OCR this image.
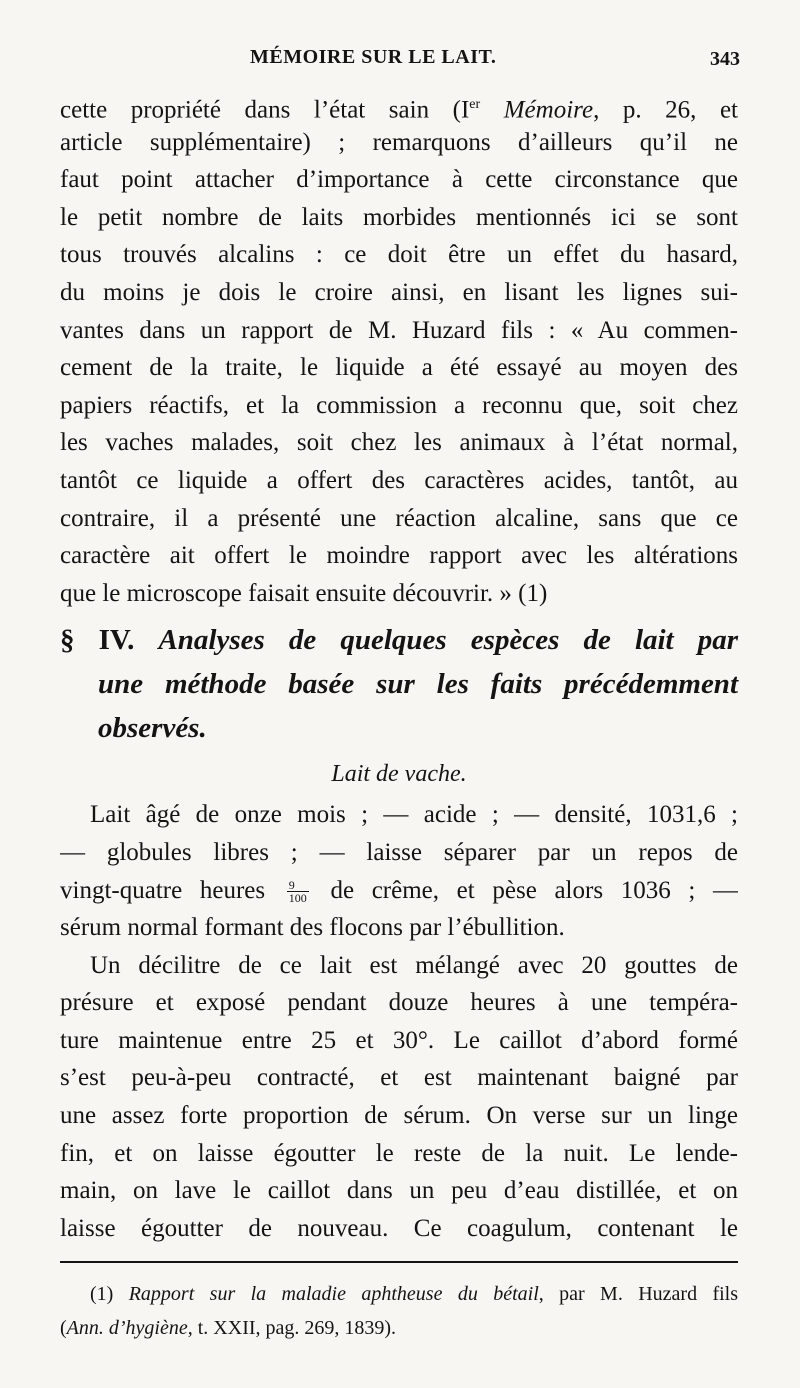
MÉMOIRE SUR LE LAIT.	343

cette propriété dans l’état sain (Ier Mémoire, p. 26, et
article supplémentaire) ; remarquons d’ailleurs qu’il ne
faut point attacher d’importance à cette circonstance que
le petit nombre de laits morbides mentionnés ici se sont
tous trouvés alcalins : ce doit être un effet du hasard,
du moins je dois le croire ainsi, en lisant les lignes sui-
vantes dans un rapport de M. Huzard fils : « Au commen-
cement de la traite, le liquide a été essayé au moyen des
papiers réactifs, et la commission a reconnu que, soit chez
les vaches malades, soit chez les animaux à l’état normal,
tantôt ce liquide a offert des caractères acides, tantôt, au
contraire, il a présenté une réaction alcaline, sans que ce
caractère ait offert le moindre rapport avec les altérations
que le microscope faisait ensuite découvrir. » (1)

§ IV. Analyses de quelques espèces de lait par
une méthode basée sur les faits précédemment
observés.
Lait de vache.

Lait âgé de onze mois ; — acide ; — densité, 1031,6 ;
— globules libres ; — laisse séparer par un repos de
vingt-quatre heures $\frac{9}{100}$ de crême, et pèse alors 1036 ; —
sérum normal formant des flocons par l’ébullition.

Un décilitre de ce lait est mélangé avec 20 gouttes de
présure et exposé pendant douze heures à une tempéra-
ture maintenue entre 25 et 30°. Le caillot d’abord formé
s’est peu-à-peu contracté, et est maintenant baigné par
une assez forte proportion de sérum. On verse sur un linge
fin, et on laisse égoutter le reste de la nuit. Le lende-
main, on lave le caillot dans un peu d’eau distillée, et on
laisse égoutter de nouveau. Ce coagulum, contenant le

(1) Rapport sur la maladie aphtheuse du bétail, par M. Huzard fils
(Ann. d’hygiène, t. XXII, pag. 269, 1839).
